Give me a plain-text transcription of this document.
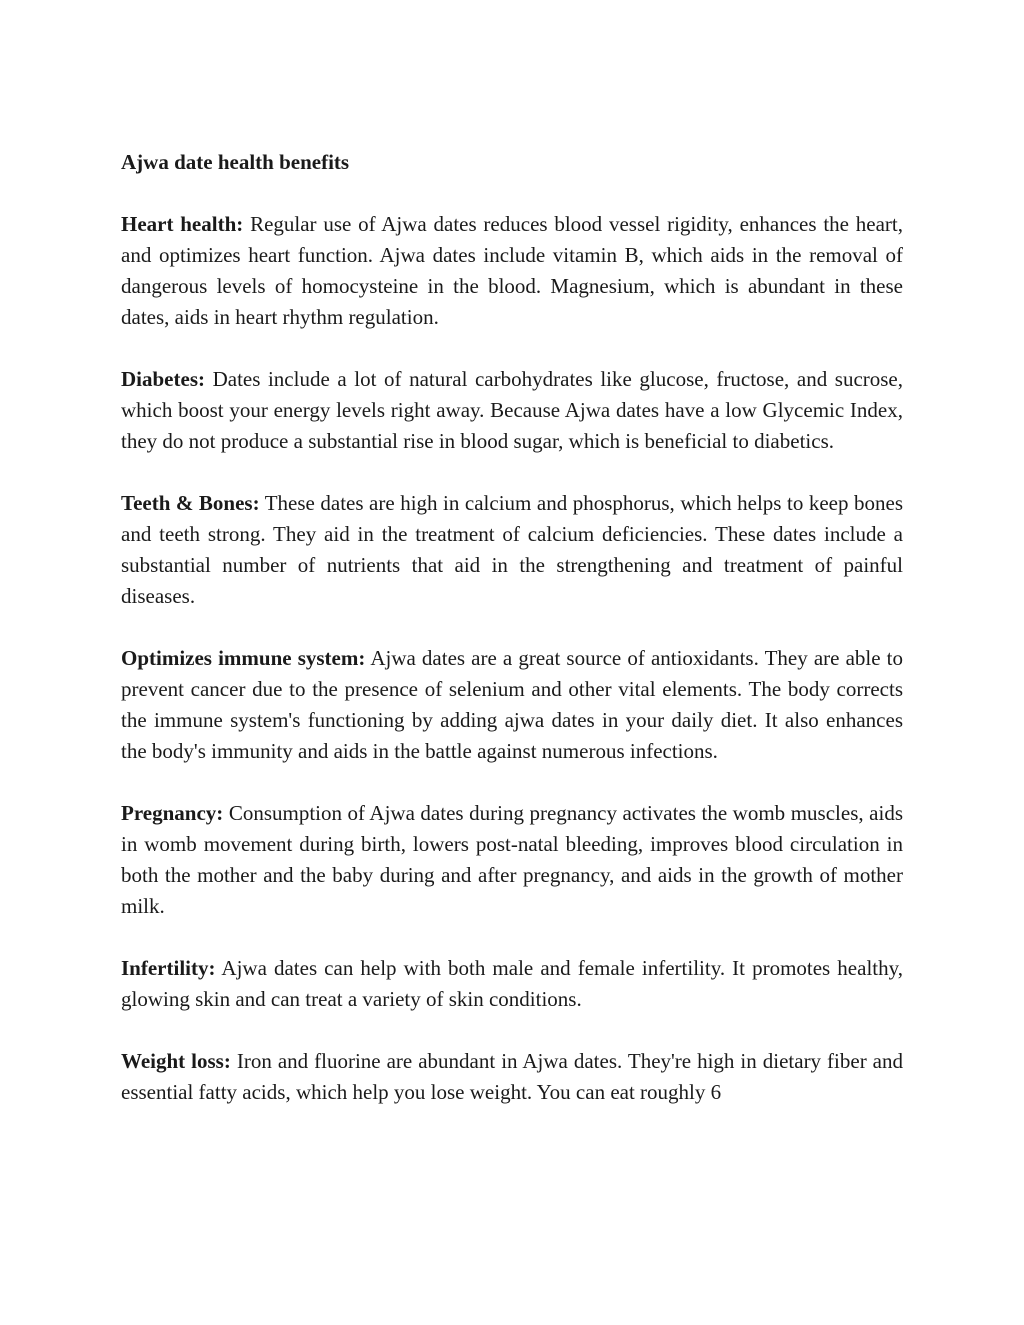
Ajwa date health benefits

Heart health: Regular use of Ajwa dates reduces blood vessel rigidity, enhances the heart, and optimizes heart function. Ajwa dates include vitamin B, which aids in the removal of dangerous levels of homocysteine in the blood. Magnesium, which is abundant in these dates, aids in heart rhythm regulation.

Diabetes: Dates include a lot of natural carbohydrates like glucose, fructose, and sucrose, which boost your energy levels right away. Because Ajwa dates have a low Glycemic Index, they do not produce a substantial rise in blood sugar, which is beneficial to diabetics.

Teeth & Bones: These dates are high in calcium and phosphorus, which helps to keep bones and teeth strong. They aid in the treatment of calcium deficiencies. These dates include a substantial number of nutrients that aid in the strengthening and treatment of painful diseases.

Optimizes immune system: Ajwa dates are a great source of antioxidants. They are able to prevent cancer due to the presence of selenium and other vital elements. The body corrects the immune system's functioning by adding ajwa dates in your daily diet. It also enhances the body's immunity and aids in the battle against numerous infections.

Pregnancy: Consumption of Ajwa dates during pregnancy activates the womb muscles, aids in womb movement during birth, lowers post-natal bleeding, improves blood circulation in both the mother and the baby during and after pregnancy, and aids in the growth of mother milk.

Infertility: Ajwa dates can help with both male and female infertility. It promotes healthy, glowing skin and can treat a variety of skin conditions.

Weight loss: Iron and fluorine are abundant in Ajwa dates. They're high in dietary fiber and essential fatty acids, which help you lose weight. You can eat roughly 6
